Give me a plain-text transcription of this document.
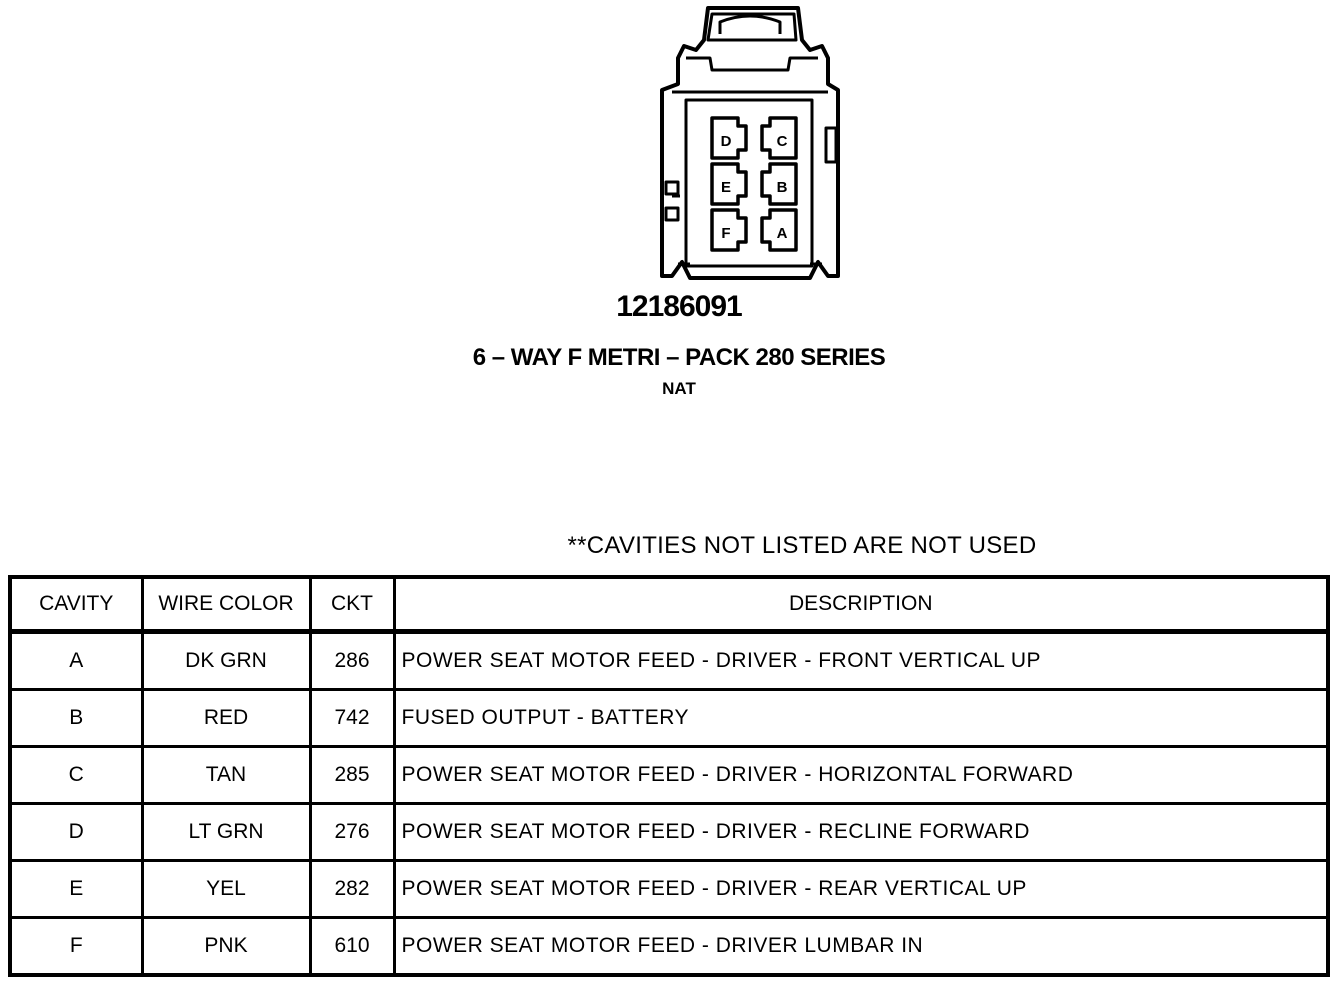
D	C
E	B
F	A
12186091
6 – WAY F METRI – PACK 280 SERIES
NAT
**CAVITIES NOT LISTED ARE NOT USED
CAVITY	WIRE COLOR	CKT	DESCRIPTION
A	DK GRN	286	POWER SEAT MOTOR FEED - DRIVER - FRONT VERTICAL UP
B	RED	742	FUSED OUTPUT - BATTERY
C	TAN	285	POWER SEAT MOTOR FEED - DRIVER - HORIZONTAL FORWARD
D	LT GRN	276	POWER SEAT MOTOR FEED - DRIVER - RECLINE FORWARD
E	YEL	282	POWER SEAT MOTOR FEED - DRIVER - REAR VERTICAL UP
F	PNK	610	POWER SEAT MOTOR FEED - DRIVER LUMBAR IN
